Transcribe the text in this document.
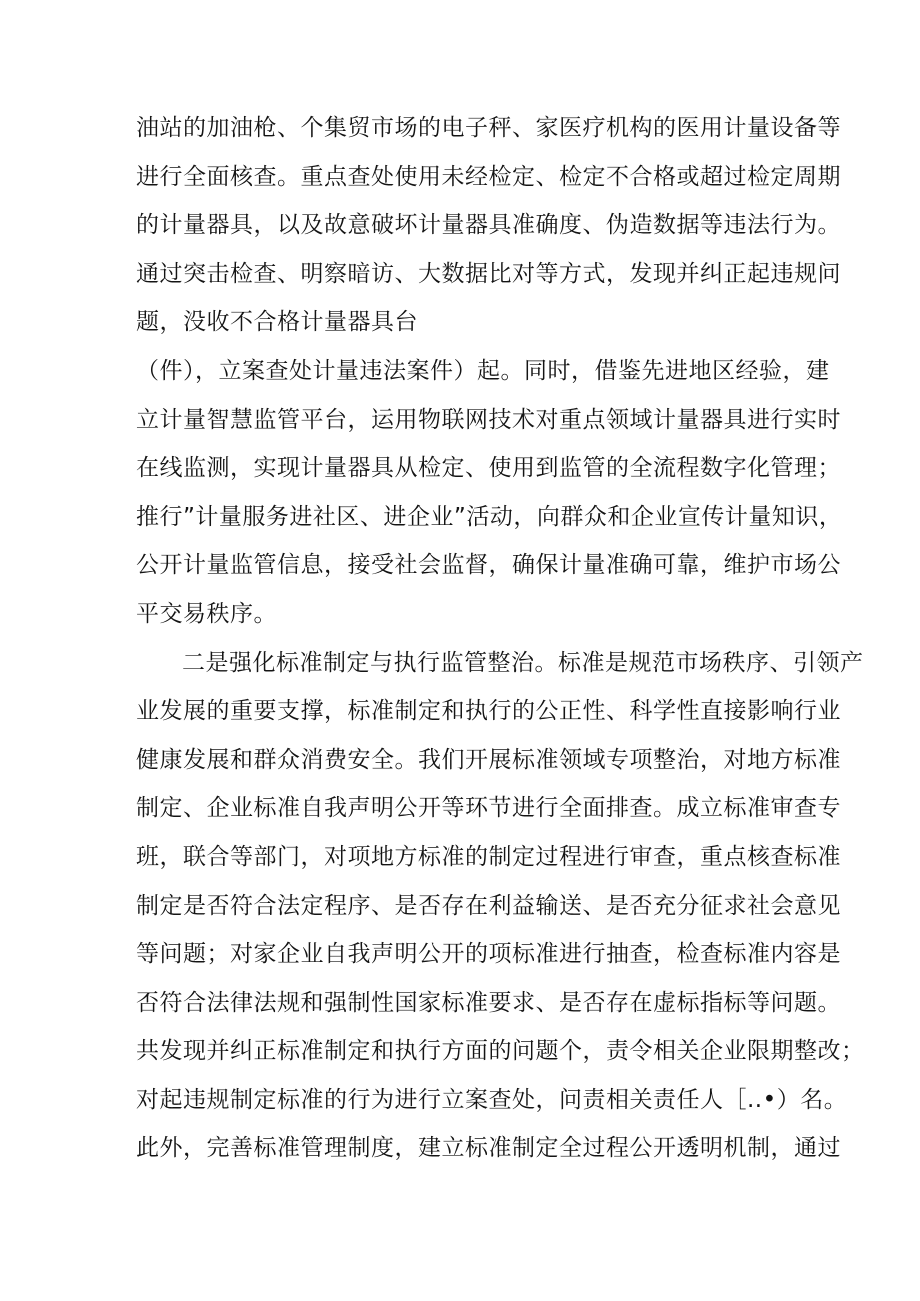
油站的加油枪、个集贸市场的电子秤、家医疗机构的医用计量设备等
进行全面核查。重点查处使用未经检定、检定不合格或超过检定周期
的计量器具，以及故意破坏计量器具准确度、伪造数据等违法行为。
通过突击检查、明察暗访、大数据比对等方式，发现并纠正起违规问
题，没收不合格计量器具台
（件），立案查处计量违法案件）起。同时，借鉴先进地区经验，建
立计量智慧监管平台，运用物联网技术对重点领域计量器具进行实时
在线监测，实现计量器具从检定、使用到监管的全流程数字化管理；
推行”计量服务进社区、进企业”活动，向群众和企业宣传计量知识，
公开计量监管信息，接受社会监督，确保计量准确可靠，维护市场公
平交易秩序。
二是强化标准制定与执行监管整治。标准是规范市场秩序、引领产
业发展的重要支撑，标准制定和执行的公正性、科学性直接影响行业
健康发展和群众消费安全。我们开展标准领域专项整治，对地方标准
制定、企业标准自我声明公开等环节进行全面排查。成立标准审查专
班，联合等部门，对项地方标准的制定过程进行审查，重点核查标准
制定是否符合法定程序、是否存在利益输送、是否充分征求社会意见
等问题；对家企业自我声明公开的项标准进行抽查，检查标准内容是
否符合法律法规和强制性国家标准要求、是否存在虚标指标等问题。
共发现并纠正标准制定和执行方面的问题个，责令相关企业限期整改；
对起违规制定标准的行为进行立案查处，问责相关责任人［..•）名。
此外，完善标准管理制度，建立标准制定全过程公开透明机制，通过
